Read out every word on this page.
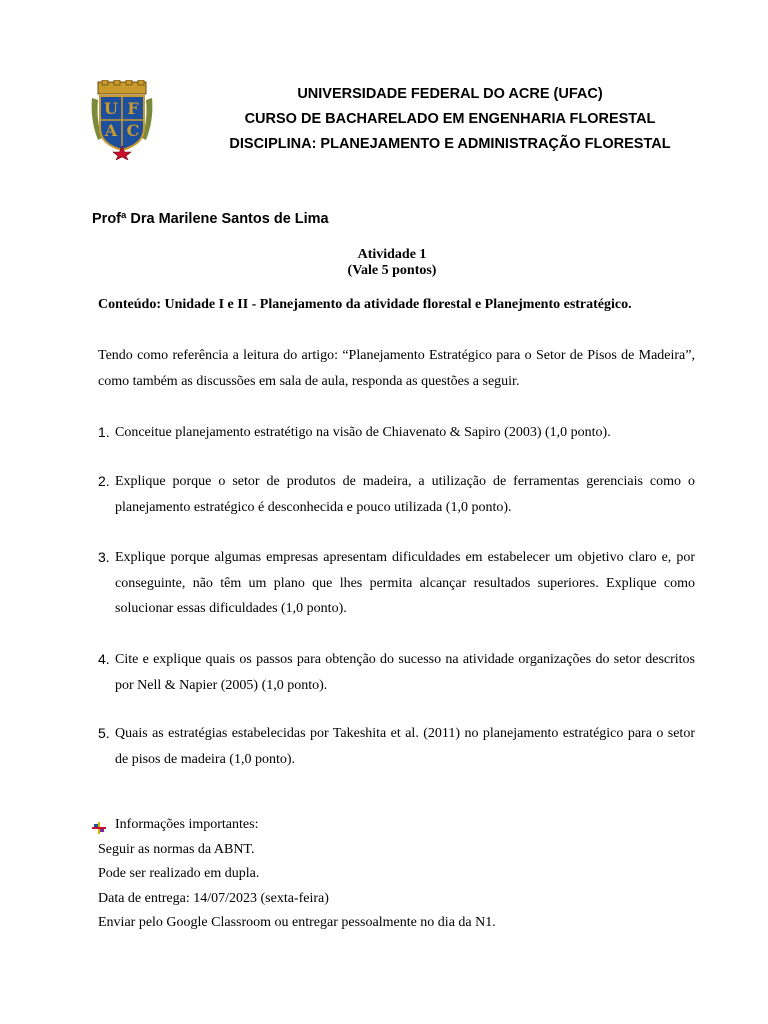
U F
A C
UNIVERSIDADE FEDERAL DO ACRE (UFAC)
CURSO DE BACHARELADO EM ENGENHARIA FLORESTAL
DISCIPLINA: PLANEJAMENTO E ADMINISTRAÇÃO FLORESTAL
Profª Dra Marilene Santos de Lima
Atividade 1
(Vale 5 pontos)
Conteúdo: Unidade I e II - Planejamento da atividade florestal e Planejmento estratégico.
Tendo como referência a leitura do artigo: “Planejamento Estratégico para o Setor de Pisos de Madeira”, como também as discussões em sala de aula, responda as questões a seguir.
1. Conceitue planejamento estratétigo na visão de Chiavenato & Sapiro (2003) (1,0 ponto).
2. Explique porque o setor de produtos de madeira, a utilização de ferramentas gerenciais como o planejamento estratégico é desconhecida e pouco utilizada (1,0 ponto).
3. Explique porque algumas empresas apresentam dificuldades em estabelecer um objetivo claro e, por conseguinte, não têm um plano que lhes permita alcançar resultados superiores. Explique como solucionar essas dificuldades (1,0 ponto).
4. Cite e explique quais os passos para obtenção do sucesso na atividade organizações do setor descritos por Nell & Napier (2005) (1,0 ponto).
5. Quais as estratégias estabelecidas por Takeshita et al. (2011) no planejamento estratégico para o setor de pisos de madeira (1,0 ponto).
Informações importantes:
Seguir as normas da ABNT.
Pode ser realizado em dupla.
Data de entrega: 14/07/2023 (sexta-feira)
Enviar pelo Google Classroom ou entregar pessoalmente no dia da N1.
